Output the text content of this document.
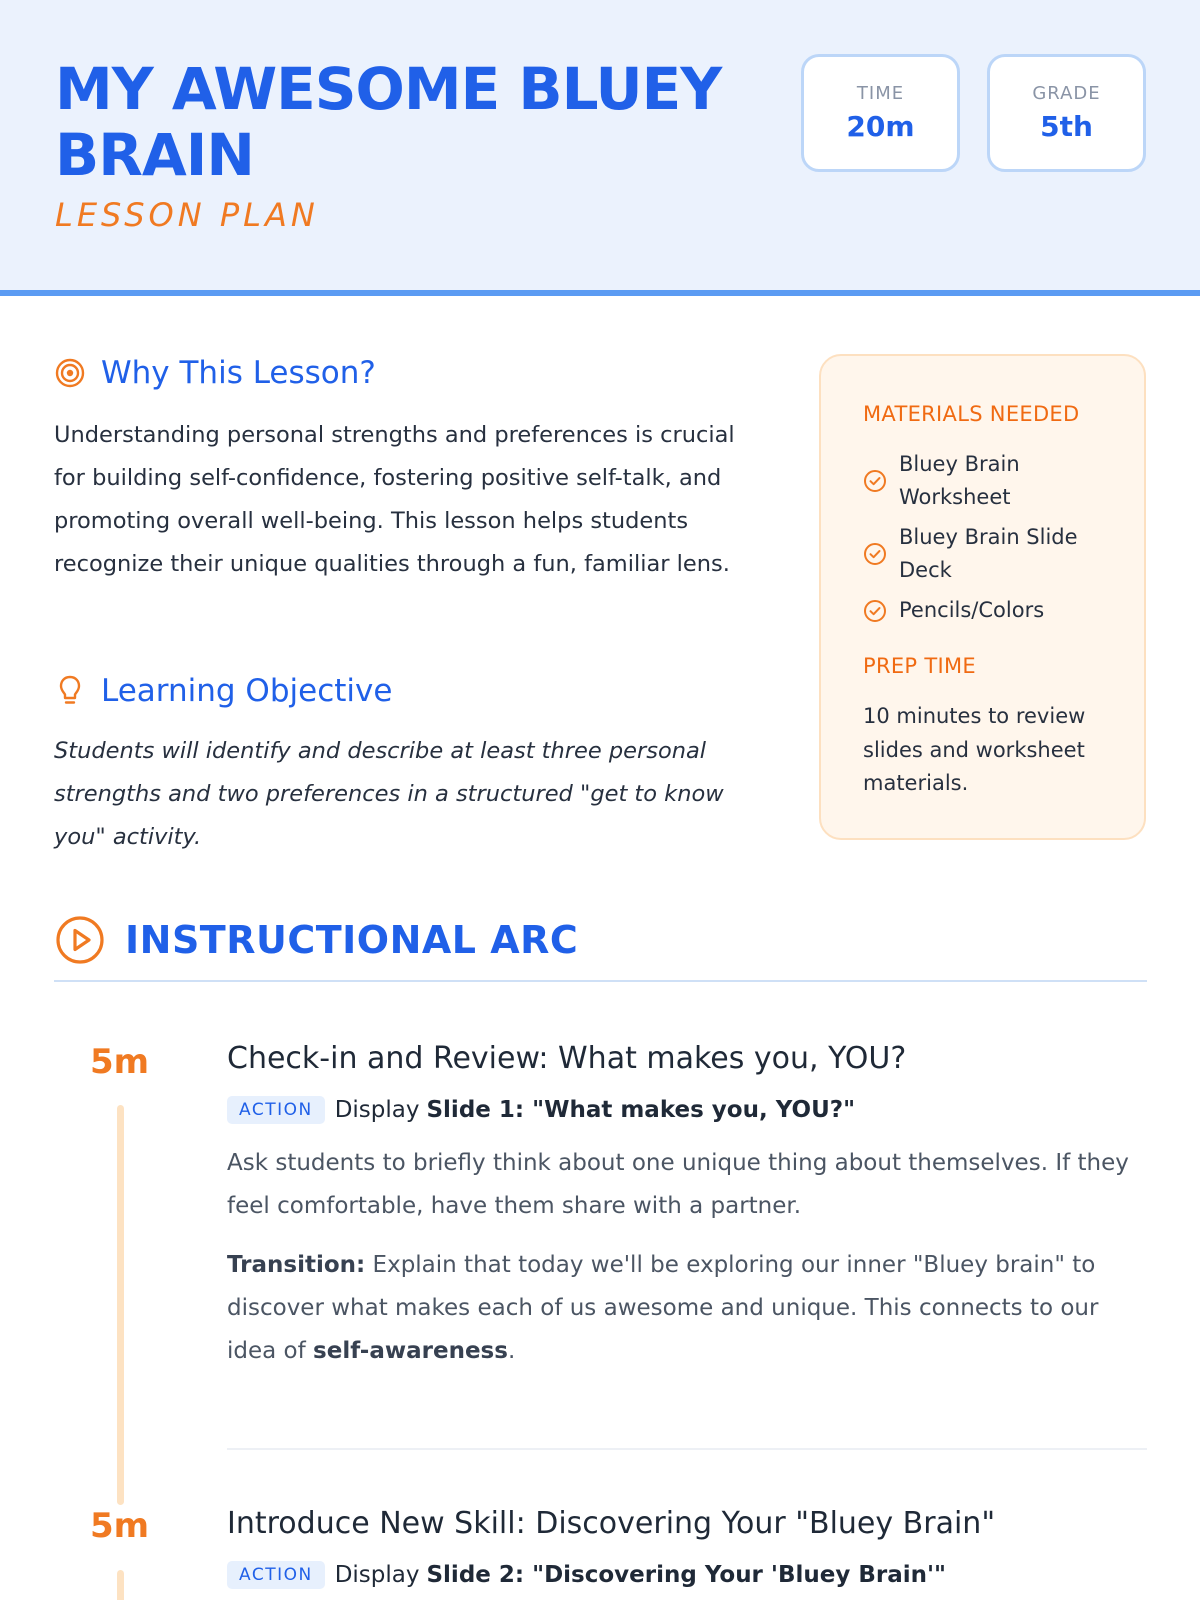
MY AWESOME BLUEY BRAIN
LESSON PLAN
TIME
20m
GRADE
5th
Why This Lesson?

Understanding personal strengths and preferences is crucial for building self-confidence, fostering positive self-talk, and promoting overall well-being. This lesson helps students recognize their unique qualities through a fun, familiar lens.

Learning Objective

Students will identify and describe at least three personal strengths and two preferences in a structured "get to know you" activity.

MATERIALS NEEDED
Bluey Brain Worksheet
Bluey Brain Slide Deck
Pencils/Colors
PREP TIME

10 minutes to review slides and worksheet materials.

INSTRUCTIONAL ARC
5m	Check-in and Review: What makes you, YOU?
ACTION Display Slide 1: "What makes you, YOU?"

Ask students to briefly think about one unique thing about themselves. If they feel comfortable, have them share with a partner.

Transition: Explain that today we'll be exploring our inner "Bluey brain" to discover what makes each of us awesome and unique. This connects to our idea of self-awareness.

5m	Introduce New Skill: Discovering Your "Bluey Brain"
ACTION Display Slide 2: "Discovering Your 'Bluey Brain'"
